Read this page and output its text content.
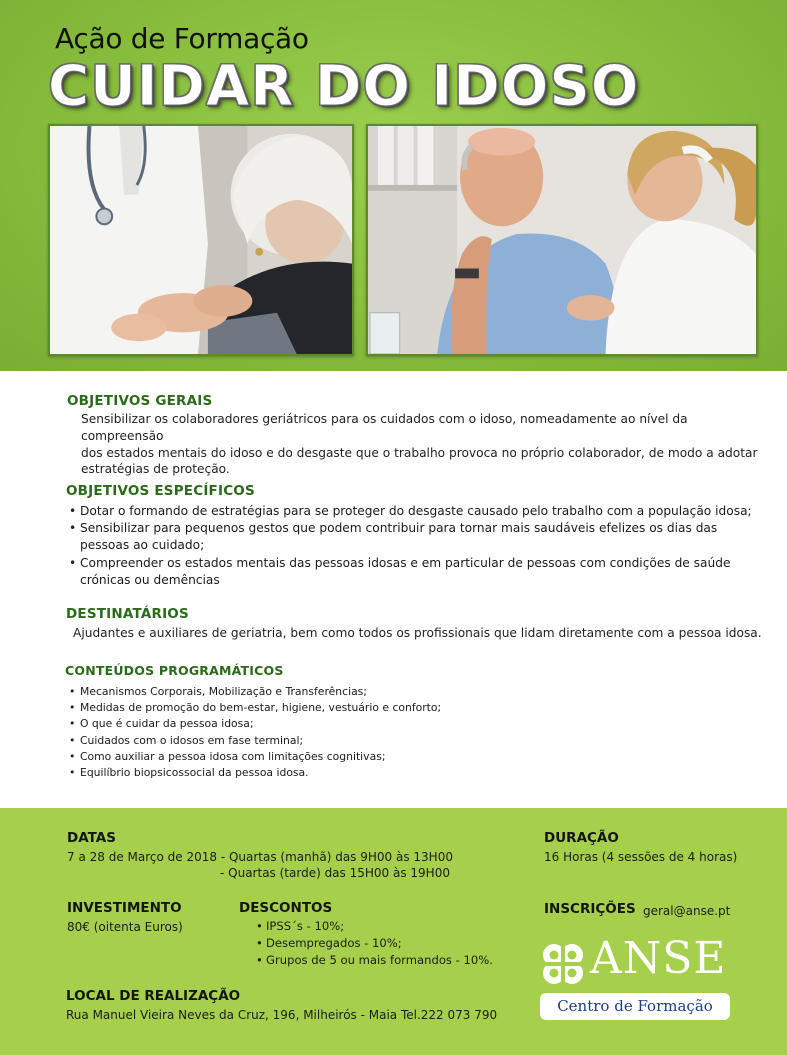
Ação de Formação
CUIDAR DO IDOSO
OBJETIVOS GERAIS
Sensibilizar os colaboradores geriátricos para os cuidados com o idoso, nomeadamente ao nível da compreensão
dos estados mentais do idoso e do desgaste que o trabalho provoca no próprio colaborador, de modo a adotar
estratégias de proteção.
OBJETIVOS ESPECÍFICOS
• Dotar o formando de estratégias para se proteger do desgaste causado pelo trabalho com a população idosa;
• Sensibilizar para pequenos gestos que podem contribuir para tornar mais saudáveis efelizes os dias das pessoas ao cuidado;
• Compreender os estados mentais das pessoas idosas e em particular de pessoas com condições de saúde crónicas ou demências
DESTINATÁRIOS
Ajudantes e auxiliares de geriatria, bem como todos os profissionais que lidam diretamente com a pessoa idosa.
CONTEÚDOS PROGRAMÁTICOS
• Mecanismos Corporais, Mobilização e Transferências;
• Medidas de promoção do bem-estar, higiene, vestuário e conforto;
• O que é cuidar da pessoa idosa;
• Cuidados com o idosos em fase terminal;
• Como auxiliar a pessoa idosa com limitações cognitivas;
• Equilíbrio biopsicossocial da pessoa idosa.
DATAS
7 a 28 de Março de 2018 - Quartas (manhã) das 9H00 às 13H00
- Quartas (tarde) das 15H00 às 19H00
DURAÇÃO
16 Horas (4 sessões de 4 horas)
INVESTIMENTO
80€ (oitenta Euros)
DESCONTOS
• IPSS´s - 10%;
• Desempregados - 10%;
• Grupos de 5 ou mais formandos - 10%.
INSCRIÇÕES geral@anse.pt
LOCAL DE REALIZAÇÃO
Rua Manuel Vieira Neves da Cruz, 196, Milheirós - Maia Tel.222 073 790
ANSE
Centro de Formação
